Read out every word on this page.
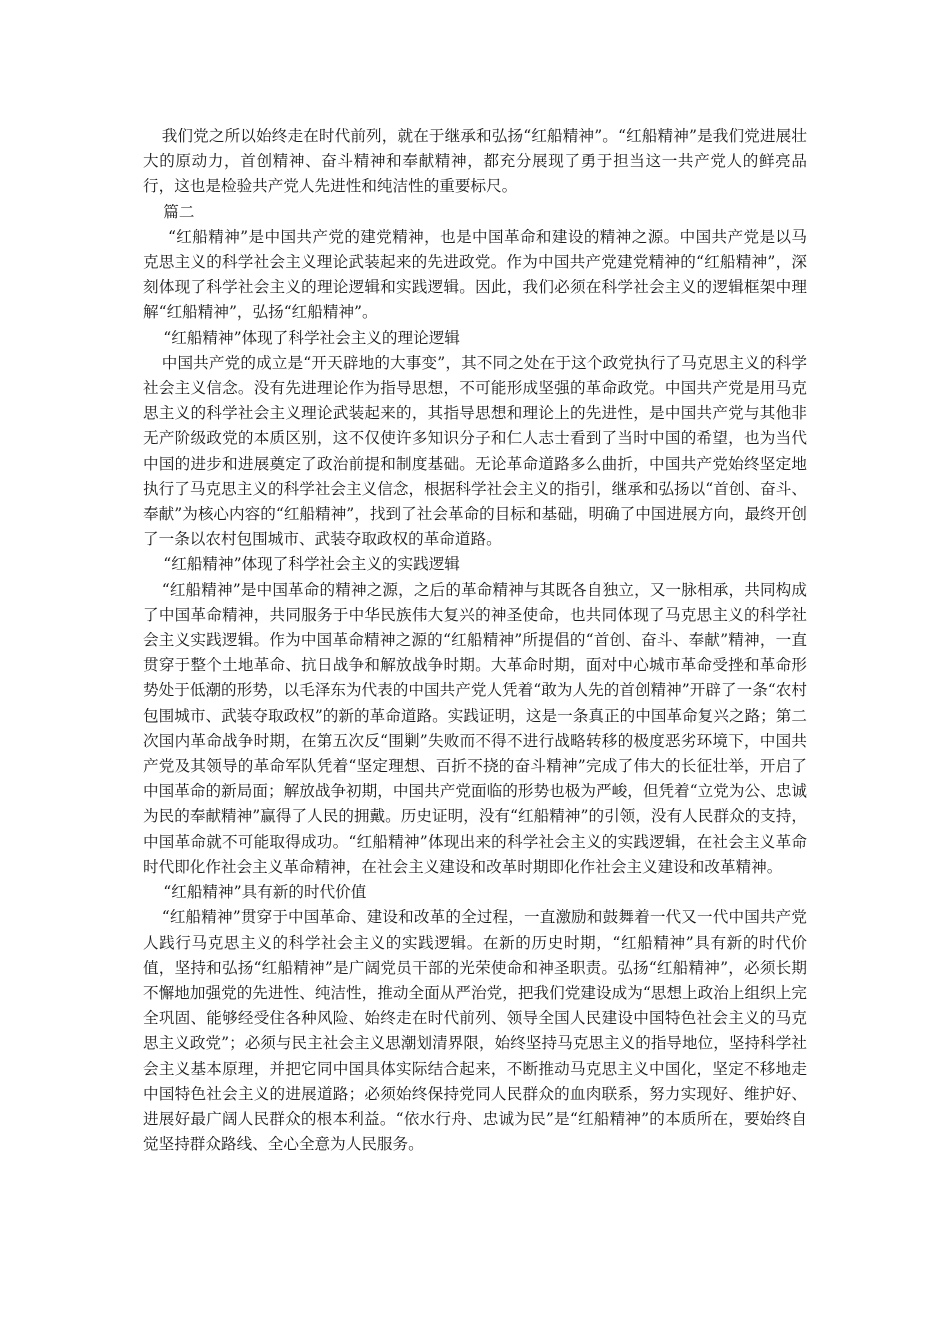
我们党之所以始终走在时代前列，就在于继承和弘扬“红船精神”。“红船精神”是我们党进展壮大的原动力，首创精神、奋斗精神和奉献精神，都充分展现了勇于担当这一共产党人的鲜亮品行，这也是检验共产党人先进性和纯洁性的重要标尺。

篇二

“红船精神”是中国共产党的建党精神，也是中国革命和建设的精神之源。中国共产党是以马克思主义的科学社会主义理论武装起来的先进政党。作为中国共产党建党精神的“红船精神”，深刻体现了科学社会主义的理论逻辑和实践逻辑。因此，我们必须在科学社会主义的逻辑框架中理解“红船精神”，弘扬“红船精神”。

“红船精神”体现了科学社会主义的理论逻辑

中国共产党的成立是“开天辟地的大事变”，其不同之处在于这个政党执行了马克思主义的科学社会主义信念。没有先进理论作为指导思想，不可能形成坚强的革命政党。中国共产党是用马克思主义的科学社会主义理论武装起来的，其指导思想和理论上的先进性，是中国共产党与其他非无产阶级政党的本质区别，这不仅使许多知识分子和仁人志士看到了当时中国的希望，也为当代中国的进步和进展奠定了政治前提和制度基础。无论革命道路多么曲折，中国共产党始终坚定地执行了马克思主义的科学社会主义信念，根据科学社会主义的指引，继承和弘扬以“首创、奋斗、奉献”为核心内容的“红船精神”，找到了社会革命的目标和基础，明确了中国进展方向，最终开创了一条以农村包围城市、武装夺取政权的革命道路。

“红船精神”体现了科学社会主义的实践逻辑

“红船精神”是中国革命的精神之源，之后的革命精神与其既各自独立，又一脉相承，共同构成了中国革命精神，共同服务于中华民族伟大复兴的神圣使命，也共同体现了马克思主义的科学社会主义实践逻辑。作为中国革命精神之源的“红船精神”所提倡的“首创、奋斗、奉献”精神，一直贯穿于整个土地革命、抗日战争和解放战争时期。大革命时期，面对中心城市革命受挫和革命形势处于低潮的形势，以毛泽东为代表的中国共产党人凭着“敢为人先的首创精神”开辟了一条“农村包围城市、武装夺取政权”的新的革命道路。实践证明，这是一条真正的中国革命复兴之路；第二次国内革命战争时期，在第五次反“围剿”失败而不得不进行战略转移的极度恶劣环境下，中国共产党及其领导的革命军队凭着“坚定理想、百折不挠的奋斗精神”完成了伟大的长征壮举，开启了中国革命的新局面；解放战争初期，中国共产党面临的形势也极为严峻，但凭着“立党为公、忠诚为民的奉献精神”赢得了人民的拥戴。历史证明，没有“红船精神”的引领，没有人民群众的支持，中国革命就不可能取得成功。“红船精神”体现出来的科学社会主义的实践逻辑，在社会主义革命时代即化作社会主义革命精神，在社会主义建设和改革时期即化作社会主义建设和改革精神。

“红船精神”具有新的时代价值

“红船精神”贯穿于中国革命、建设和改革的全过程，一直激励和鼓舞着一代又一代中国共产党人践行马克思主义的科学社会主义的实践逻辑。在新的历史时期，“红船精神”具有新的时代价值，坚持和弘扬“红船精神”是广阔党员干部的光荣使命和神圣职责。弘扬“红船精神”，必须长期不懈地加强党的先进性、纯洁性，推动全面从严治党，把我们党建设成为“思想上政治上组织上完全巩固、能够经受住各种风险、始终走在时代前列、领导全国人民建设中国特色社会主义的马克思主义政党”；必须与民主社会主义思潮划清界限，始终坚持马克思主义的指导地位，坚持科学社会主义基本原理，并把它同中国具体实际结合起来，不断推动马克思主义中国化，坚定不移地走中国特色社会主义的进展道路；必须始终保持党同人民群众的血肉联系，努力实现好、维护好、进展好最广阔人民群众的根本利益。“依水行舟、忠诚为民”是“红船精神”的本质所在，要始终自觉坚持群众路线、全心全意为人民服务。
